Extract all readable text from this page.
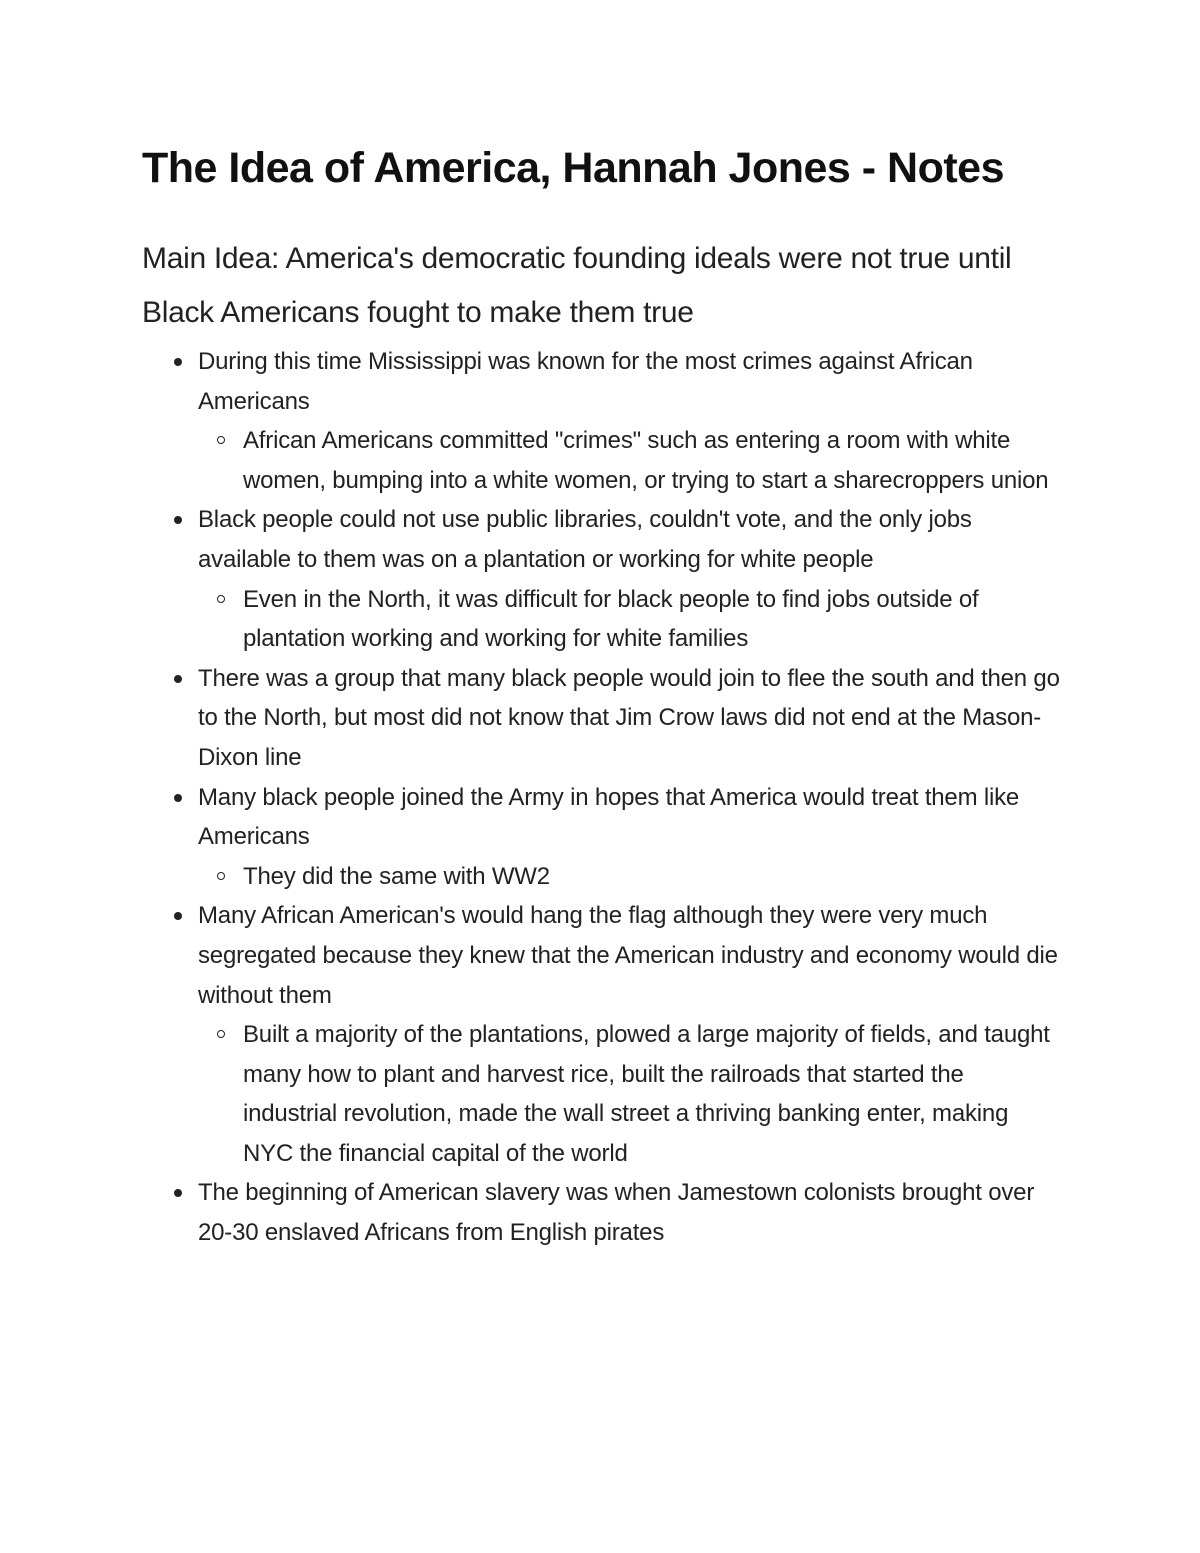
The Idea of America, Hannah Jones - Notes

Main Idea: America's democratic founding ideals were not true until Black Americans fought to make them true

During this time Mississippi was known for the most crimes against African Americans
African Americans committed "crimes" such as entering a room with white women, bumping into a white women, or trying to start a sharecroppers union
Black people could not use public libraries, couldn't vote, and the only jobs available to them was on a plantation or working for white people
Even in the North, it was difficult for black people to find jobs outside of plantation working and working for white families
There was a group that many black people would join to flee the south and then go to the North, but most did not know that Jim Crow laws did not end at the Mason-Dixon line
Many black people joined the Army in hopes that America would treat them like Americans
They did the same with WW2
Many African American's would hang the flag although they were very much segregated because they knew that the American industry and economy would die without them
Built a majority of the plantations, plowed a large majority of fields, and taught many how to plant and harvest rice, built the railroads that started the industrial revolution, made the wall street a thriving banking enter, making NYC the financial capital of the world
The beginning of American slavery was when Jamestown colonists brought over 20-30 enslaved Africans from English pirates
